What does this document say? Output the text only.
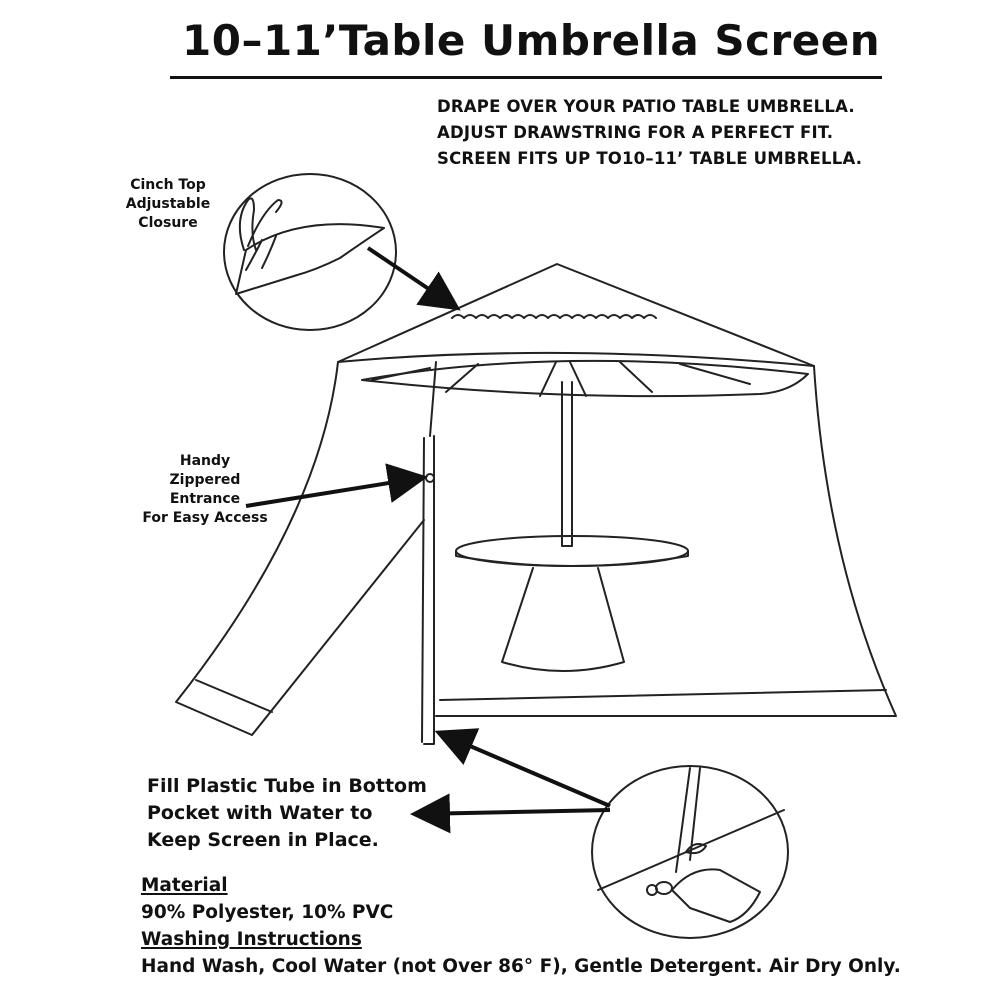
10–11’Table Umbrella Screen

DRAPE OVER YOUR PATIO TABLE UMBRELLA.

ADJUST DRAWSTRING FOR A PERFECT FIT.

SCREEN FITS UP TO10–11’ TABLE UMBRELLA.

Cinch Top
Adjustable
Closure
Handy
Zippered
Entrance
For Easy Access

Fill Plastic Tube in Bottom

Pocket with Water to

Keep Screen in Place.

Material

90% Polyester, 10% PVC

Washing Instructions

Hand Wash, Cool Water (not Over 86° F), Gentle Detergent. Air Dry Only.
